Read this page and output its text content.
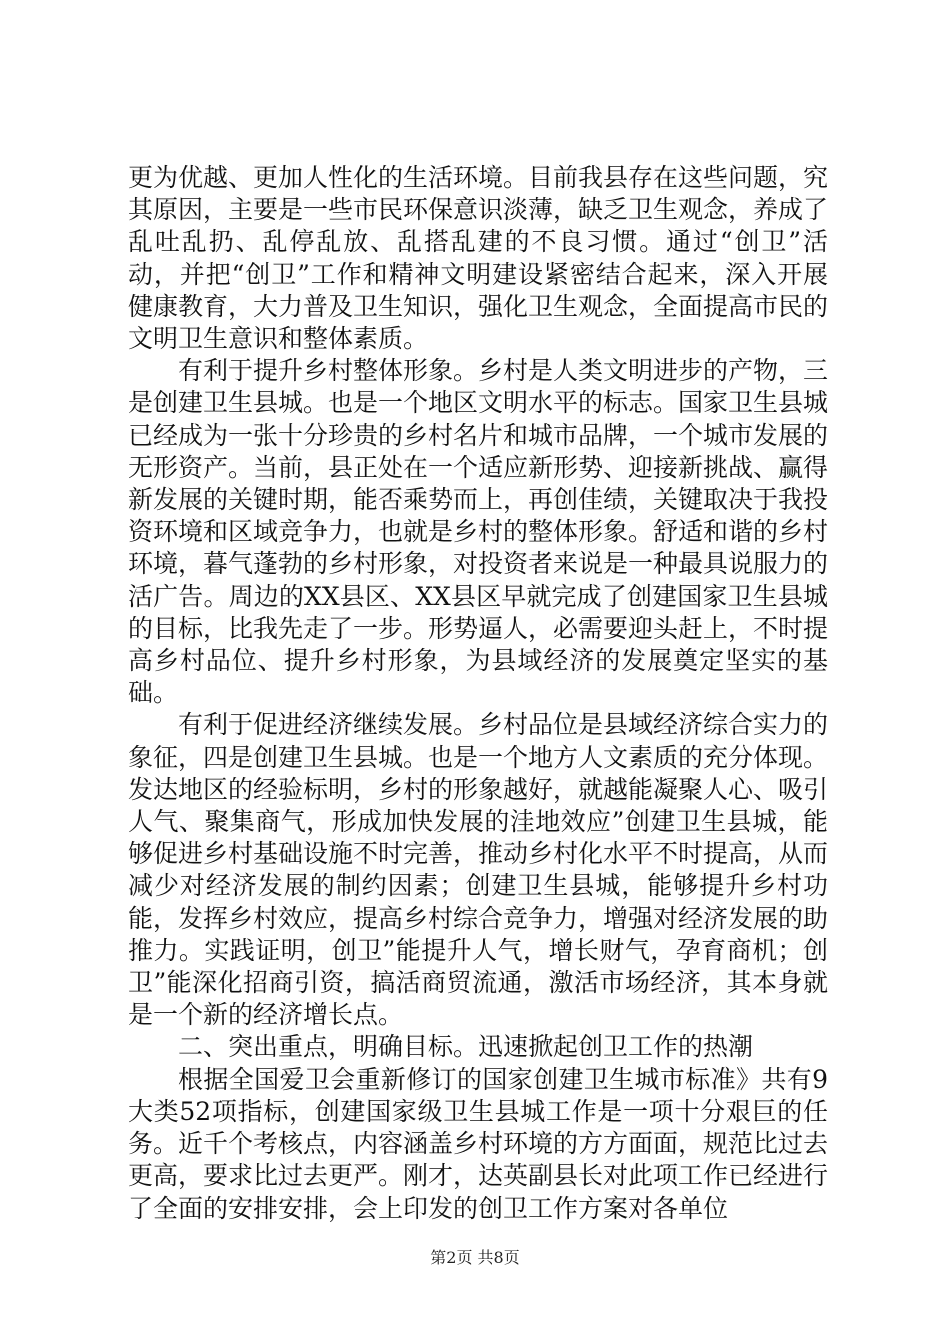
更为优越、更加人性化的生活环境。目前我县存在这些问题，究其原因，主要是一些市民环保意识淡薄，缺乏卫生观念，养成了乱吐乱扔、乱停乱放、乱搭乱建的不良习惯。通过“创卫”活动，并把“创卫”工作和精神文明建设紧密结合起来，深入开展健康教育，大力普及卫生知识，强化卫生观念，全面提高市民的文明卫生意识和整体素质。

有利于提升乡村整体形象。乡村是人类文明进步的产物，三是创建卫生县城。也是一个地区文明水平的标志。国家卫生县城已经成为一张十分珍贵的乡村名片和城市品牌，一个城市发展的无形资产。当前，县正处在一个适应新形势、迎接新挑战、赢得新发展的关键时期，能否乘势而上，再创佳绩，关键取决于我投资环境和区域竞争力，也就是乡村的整体形象。舒适和谐的乡村环境，暮气蓬勃的乡村形象，对投资者来说是一种最具说服力的活广告。周边的XX县区、XX县区早就完成了创建国家卫生县城的目标，比我先走了一步。形势逼人，必需要迎头赶上，不时提高乡村品位、提升乡村形象，为县域经济的发展奠定坚实的基础。

有利于促进经济继续发展。乡村品位是县域经济综合实力的象征，四是创建卫生县城。也是一个地方人文素质的充分体现。发达地区的经验标明，乡村的形象越好，就越能凝聚人心、吸引人气、聚集商气，形成加快发展的洼地效应”创建卫生县城，能够促进乡村基础设施不时完善，推动乡村化水平不时提高，从而减少对经济发展的制约因素；创建卫生县城，能够提升乡村功能，发挥乡村效应，提高乡村综合竞争力，增强对经济发展的助推力。实践证明，创卫”能提升人气，增长财气，孕育商机；创卫”能深化招商引资，搞活商贸流通，激活市场经济，其本身就是一个新的经济增长点。

二、突出重点，明确目标。迅速掀起创卫工作的热潮

根据全国爱卫会重新修订的国家创建卫生城市标准》共有9大类52项指标，创建国家级卫生县城工作是一项十分艰巨的任务。近千个考核点，内容涵盖乡村环境的方方面面，规范比过去更高，要求比过去更严。刚才，达英副县长对此项工作已经进行了全面的安排安排，会上印发的创卫工作方案对各单位

第2页 共8页
